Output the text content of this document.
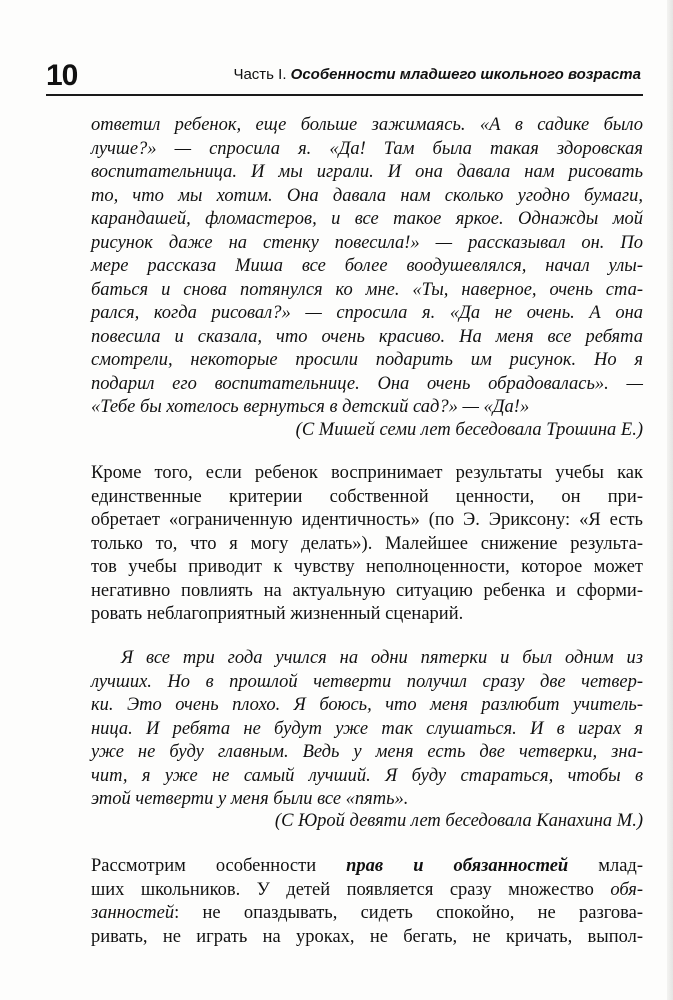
10	Часть I. Особенности младшего школьного возраста
ответил ребенок, еще больше зажимаясь. «А в садике было
лучше?» — спросила я. «Да! Там была такая здоровская
воспитательница. И мы играли. И она давала нам рисовать
то, что мы хотим. Она давала нам сколько угодно бумаги,
карандашей, фломастеров, и все такое яркое. Однажды мой
рисунок даже на стенку повесила!» — рассказывал он. По
мере рассказа Миша все более воодушевлялся, начал улы-
баться и снова потянулся ко мне. «Ты, наверное, очень ста-
рался, когда рисовал?» — спросила я. «Да не очень. А она
повесила и сказала, что очень красиво. На меня все ребята
смотрели, некоторые просили подарить им рисунок. Но я
подарил его воспитательнице. Она очень обрадовалась». —
«Тебе бы хотелось вернуться в детский сад?» — «Да!»
(С Мишей семи лет беседовала Трошина Е.)
Кроме того, если ребенок воспринимает результаты учебы как
единственные критерии собственной ценности, он при-
обретает «ограниченную идентичность» (по Э. Эриксону: «Я есть
только то, что я могу делать»). Малейшее снижение результа-
тов учебы приводит к чувству неполноценности, которое может
негативно повлиять на актуальную ситуацию ребенка и сформи-
ровать неблагоприятный жизненный сценарий.
Я все три года учился на одни пятерки и был одним из
лучших. Но в прошлой четверти получил сразу две четвер-
ки. Это очень плохо. Я боюсь, что меня разлюбит учитель-
ница. И ребята не будут уже так слушаться. И в играх я
уже не буду главным. Ведь у меня есть две четверки, зна-
чит, я уже не самый лучший. Я буду стараться, чтобы в
этой четверти у меня были все «пять».
(С Юрой девяти лет беседовала Канахина М.)
Рассмотрим особенности прав и обязанностей млад-
ших школьников. У детей появляется сразу множество обя-
занностей: не опаздывать, сидеть спокойно, не разгова-
ривать, не играть на уроках, не бегать, не кричать, выпол-
